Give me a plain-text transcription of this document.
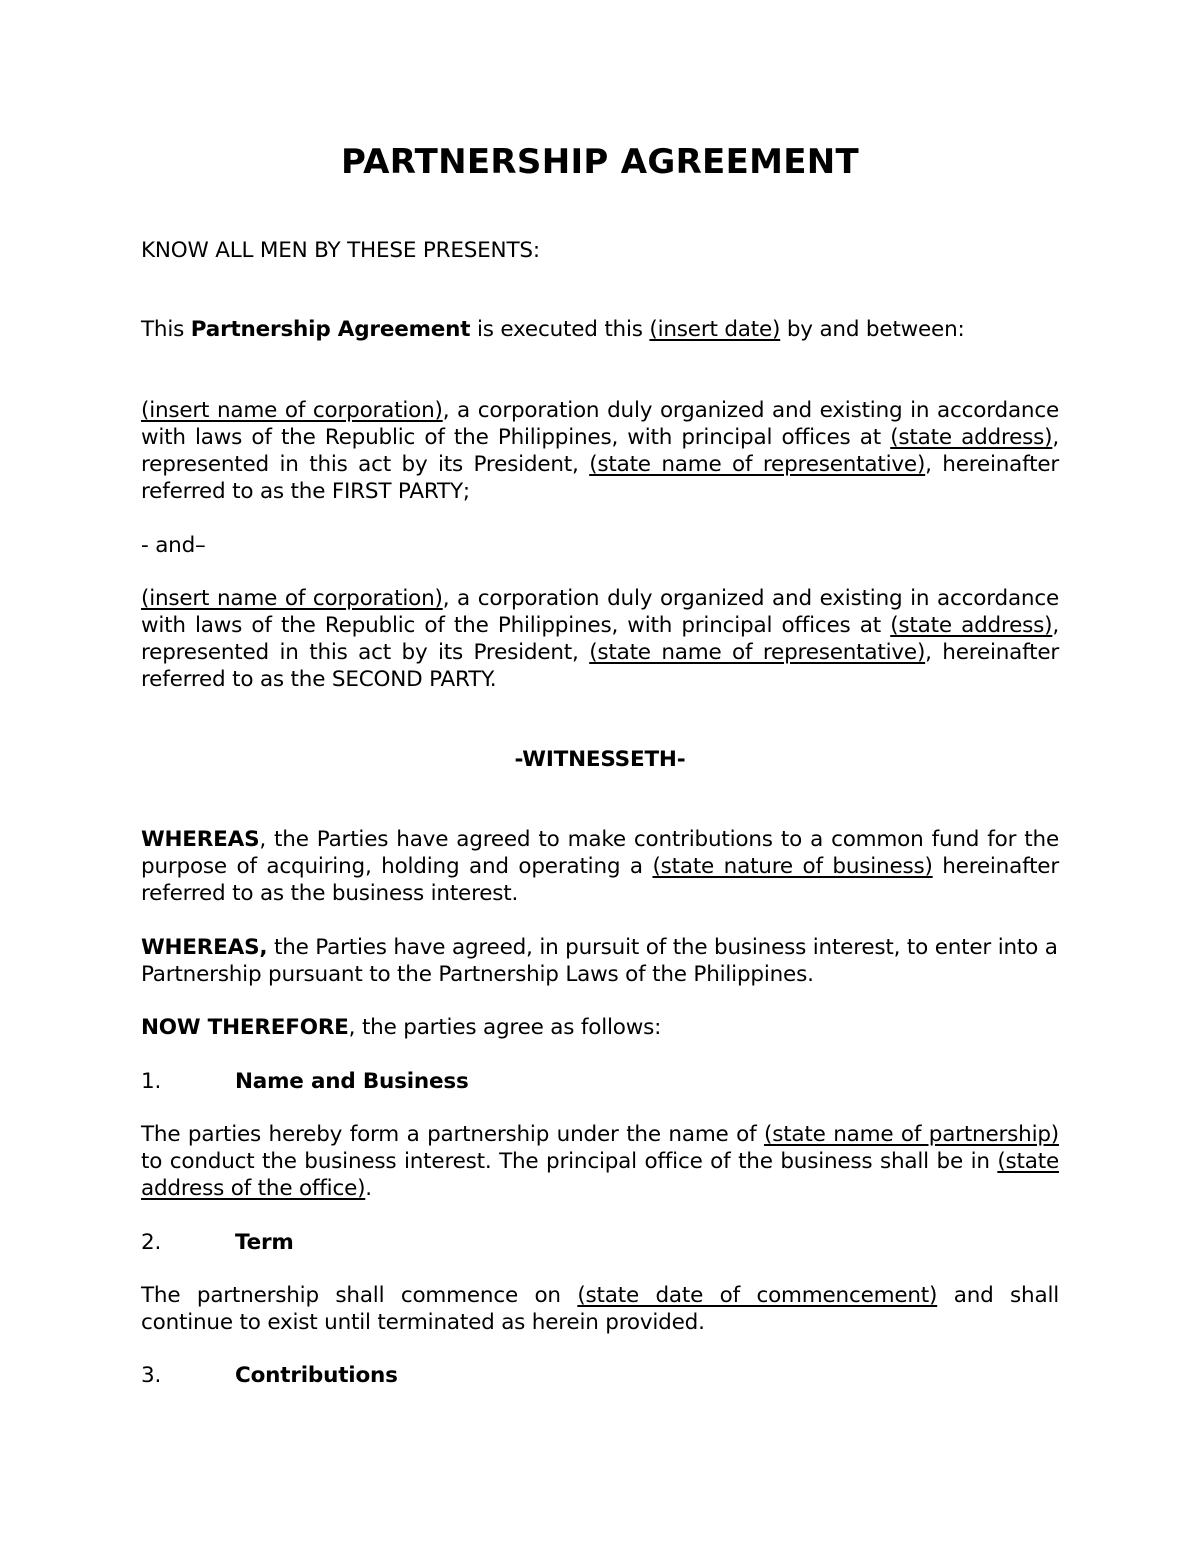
PARTNERSHIP AGREEMENT
KNOW ALL MEN BY THESE PRESENTS:
This Partnership Agreement is executed this (insert date) by and between:
(insert name of corporation), a corporation duly organized and existing in accordance with laws of the Republic of the Philippines, with principal offices at (state address), represented in this act by its President, (state name of representative), hereinafter referred to as the FIRST PARTY;
- and–
(insert name of corporation), a corporation duly organized and existing in accordance with laws of the Republic of the Philippines, with principal offices at (state address), represented in this act by its President, (state name of representative), hereinafter referred to as the SECOND PARTY.
-WITNESSETH-
WHEREAS, the Parties have agreed to make contributions to a common fund for the purpose of acquiring, holding and operating a (state nature of business) hereinafter referred to as the business interest.
WHEREAS, the Parties have agreed, in pursuit of the business interest, to enter into a Partnership pursuant to the Partnership Laws of the Philippines.
NOW THEREFORE, the parties agree as follows:
1.	Name and Business
The parties hereby form a partnership under the name of (state name of partnership) to conduct the business interest. The principal office of the business shall be in (state address of the office).
2.	Term
The partnership shall commence on (state date of commencement) and shall continue to exist until terminated as herein provided.
3.	Contributions
